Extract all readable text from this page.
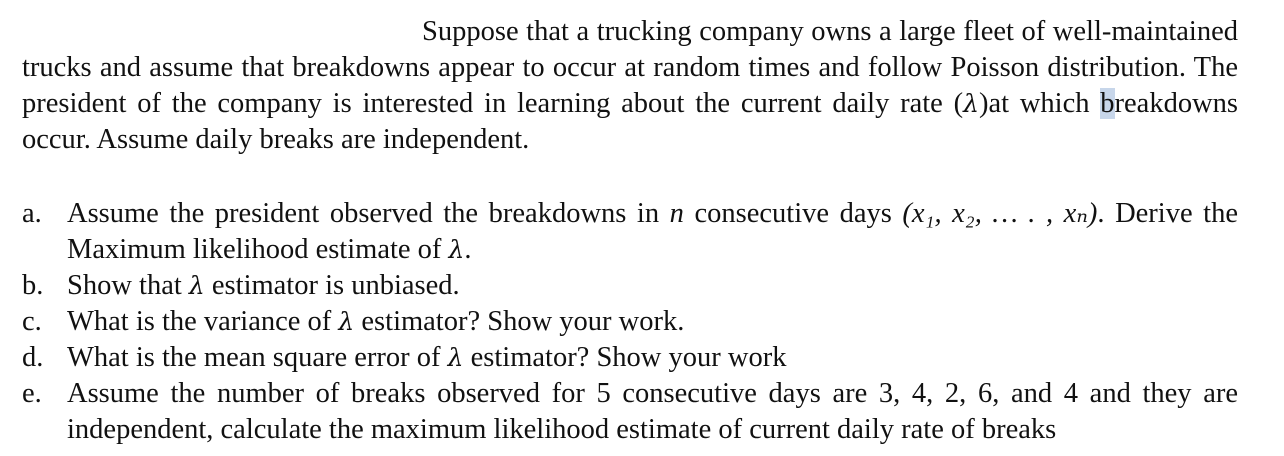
Suppose that a trucking company owns a large fleet of well-maintained trucks and assume that breakdowns appear to occur at random times and follow Poisson distribution. The president of the company is interested in learning about the current daily rate (λ)at which breakdowns occur. Assume daily breaks are independent.

a. Assume the president observed the breakdowns in n consecutive days (x₁, x₂, … . , xₙ). Derive the Maximum likelihood estimate of λ.
b. Show that λ estimator is unbiased.
c. What is the variance of λ estimator? Show your work.
d. What is the mean square error of λ estimator? Show your work
e. Assume the number of breaks observed for 5 consecutive days are 3, 4, 2, 6, and 4 and they are independent, calculate the maximum likelihood estimate of current daily rate of breaks
